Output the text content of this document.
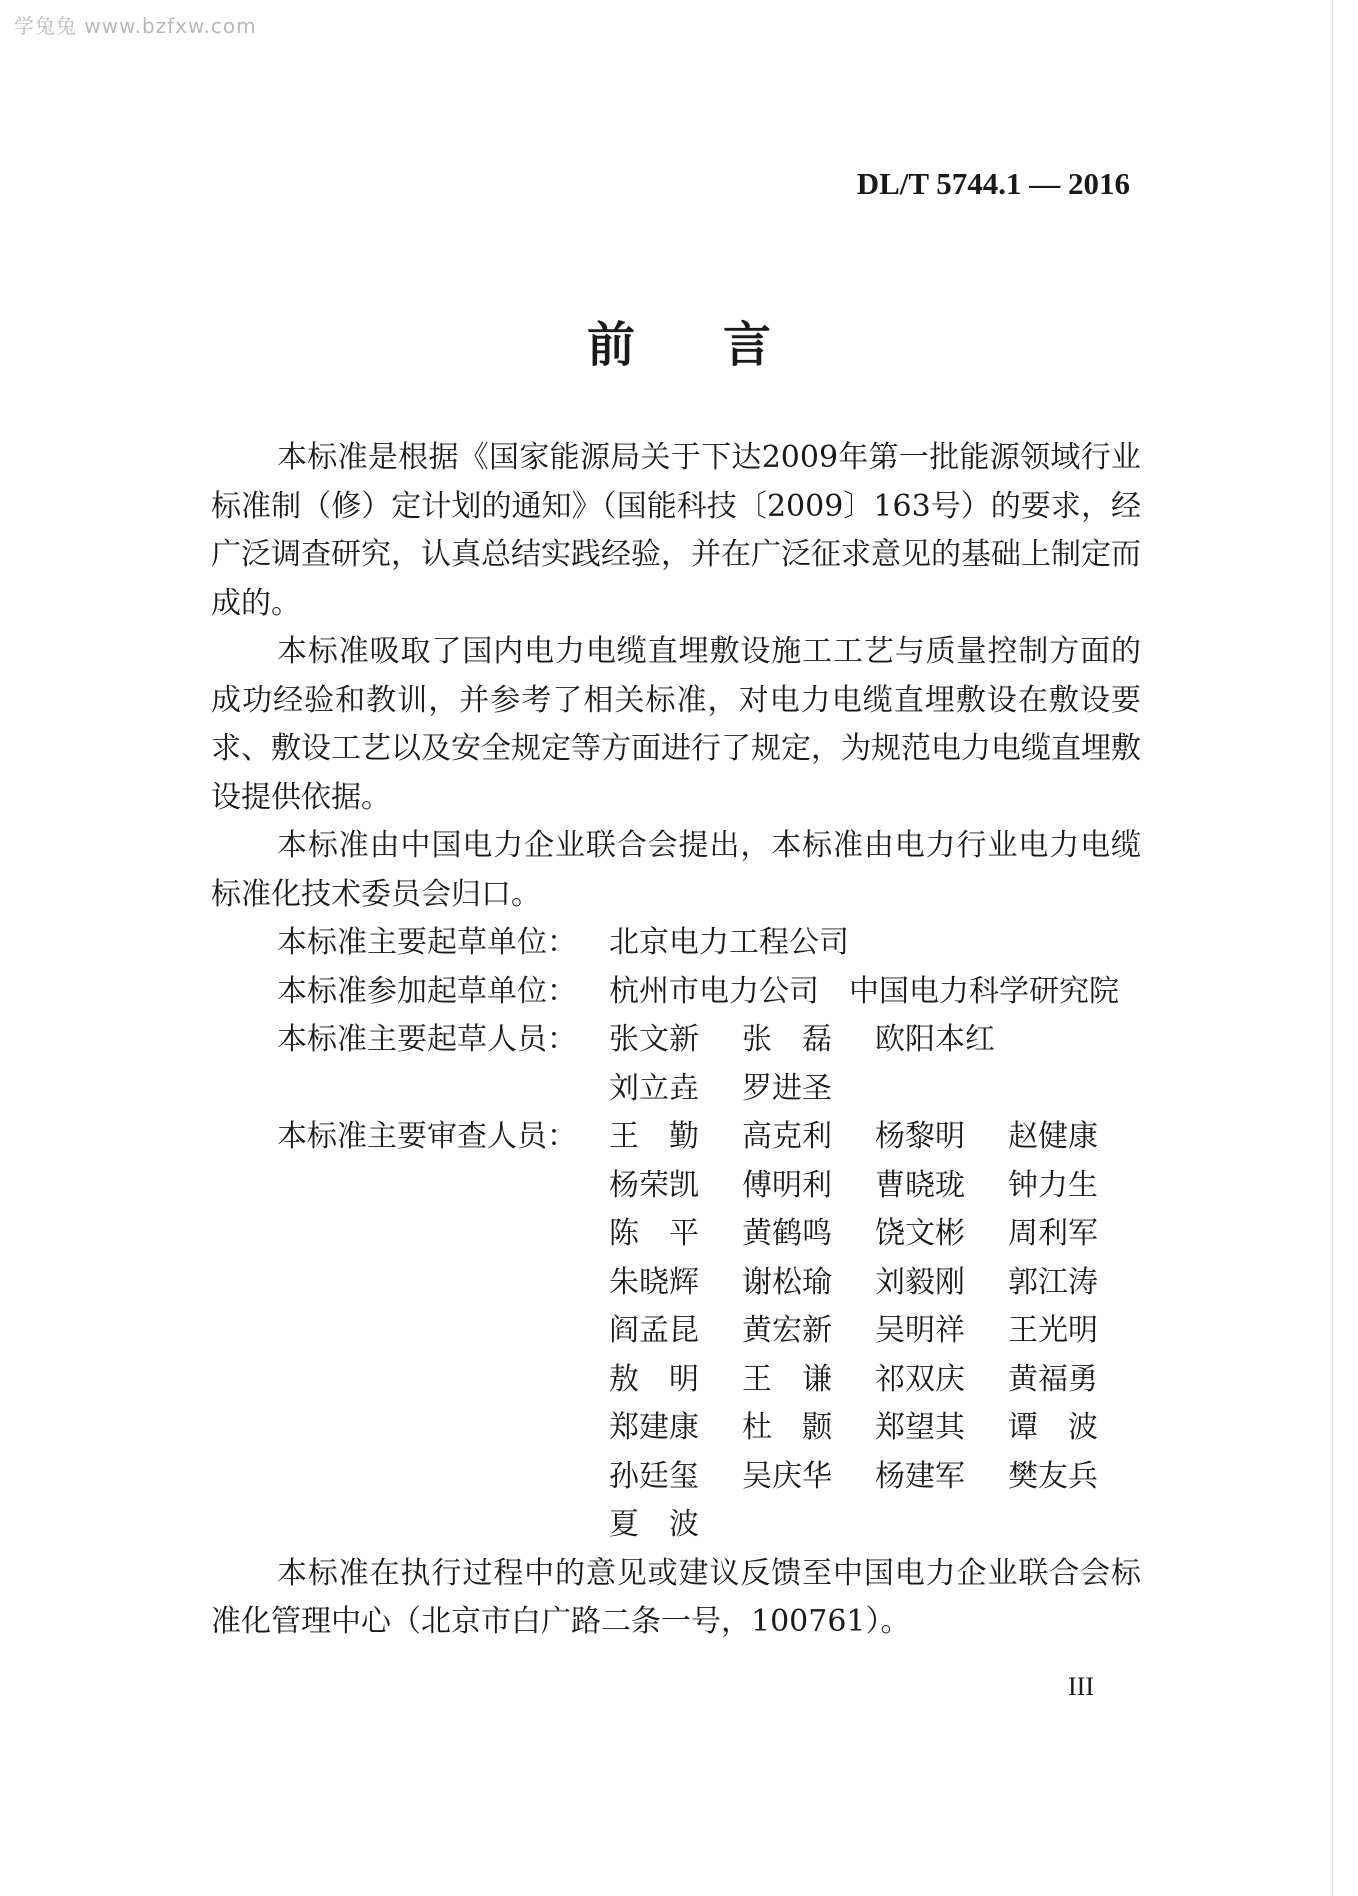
学兔兔 www.bzfxw.com
DL/T 5744.1 — 2016
前言

本标准是根据《国家能源局关于下达2009年第一批能源领域行业标准制（修）定计划的通知》（国能科技〔2009〕163号）的要求，经广泛调查研究，认真总结实践经验，并在广泛征求意见的基础上制定而成的。

本标准吸取了国内电力电缆直埋敷设施工工艺与质量控制方面的成功经验和教训，并参考了相关标准，对电力电缆直埋敷设在敷设要求、敷设工艺以及安全规定等方面进行了规定，为规范电力电缆直埋敷设提供依据。

本标准由中国电力企业联合会提出，本标准由电力行业电力电缆标准化技术委员会归口。

本标准主要起草单位：	北京电力工程公司
本标准参加起草单位：	杭州市电力公司　中国电力科学研究院
本标准主要起草人员：	张文新	张　磊	欧阳本红
刘立垚	罗进圣
本标准主要审查人员：	王　勤	高克利	杨黎明	赵健康
杨荣凯	傅明利	曹晓珑	钟力生
陈　平	黄鹤鸣	饶文彬	周利军
朱晓辉	谢松瑜	刘毅刚	郭江涛
阎孟昆	黄宏新	吴明祥	王光明
敖　明	王　谦	祁双庆	黄福勇
郑建康	杜　颢	郑望其	谭　波
孙廷玺	吴庆华	杨建军	樊友兵
夏　波

本标准在执行过程中的意见或建议反馈至中国电力企业联合会标准化管理中心（北京市白广路二条一号，100761）。

III
